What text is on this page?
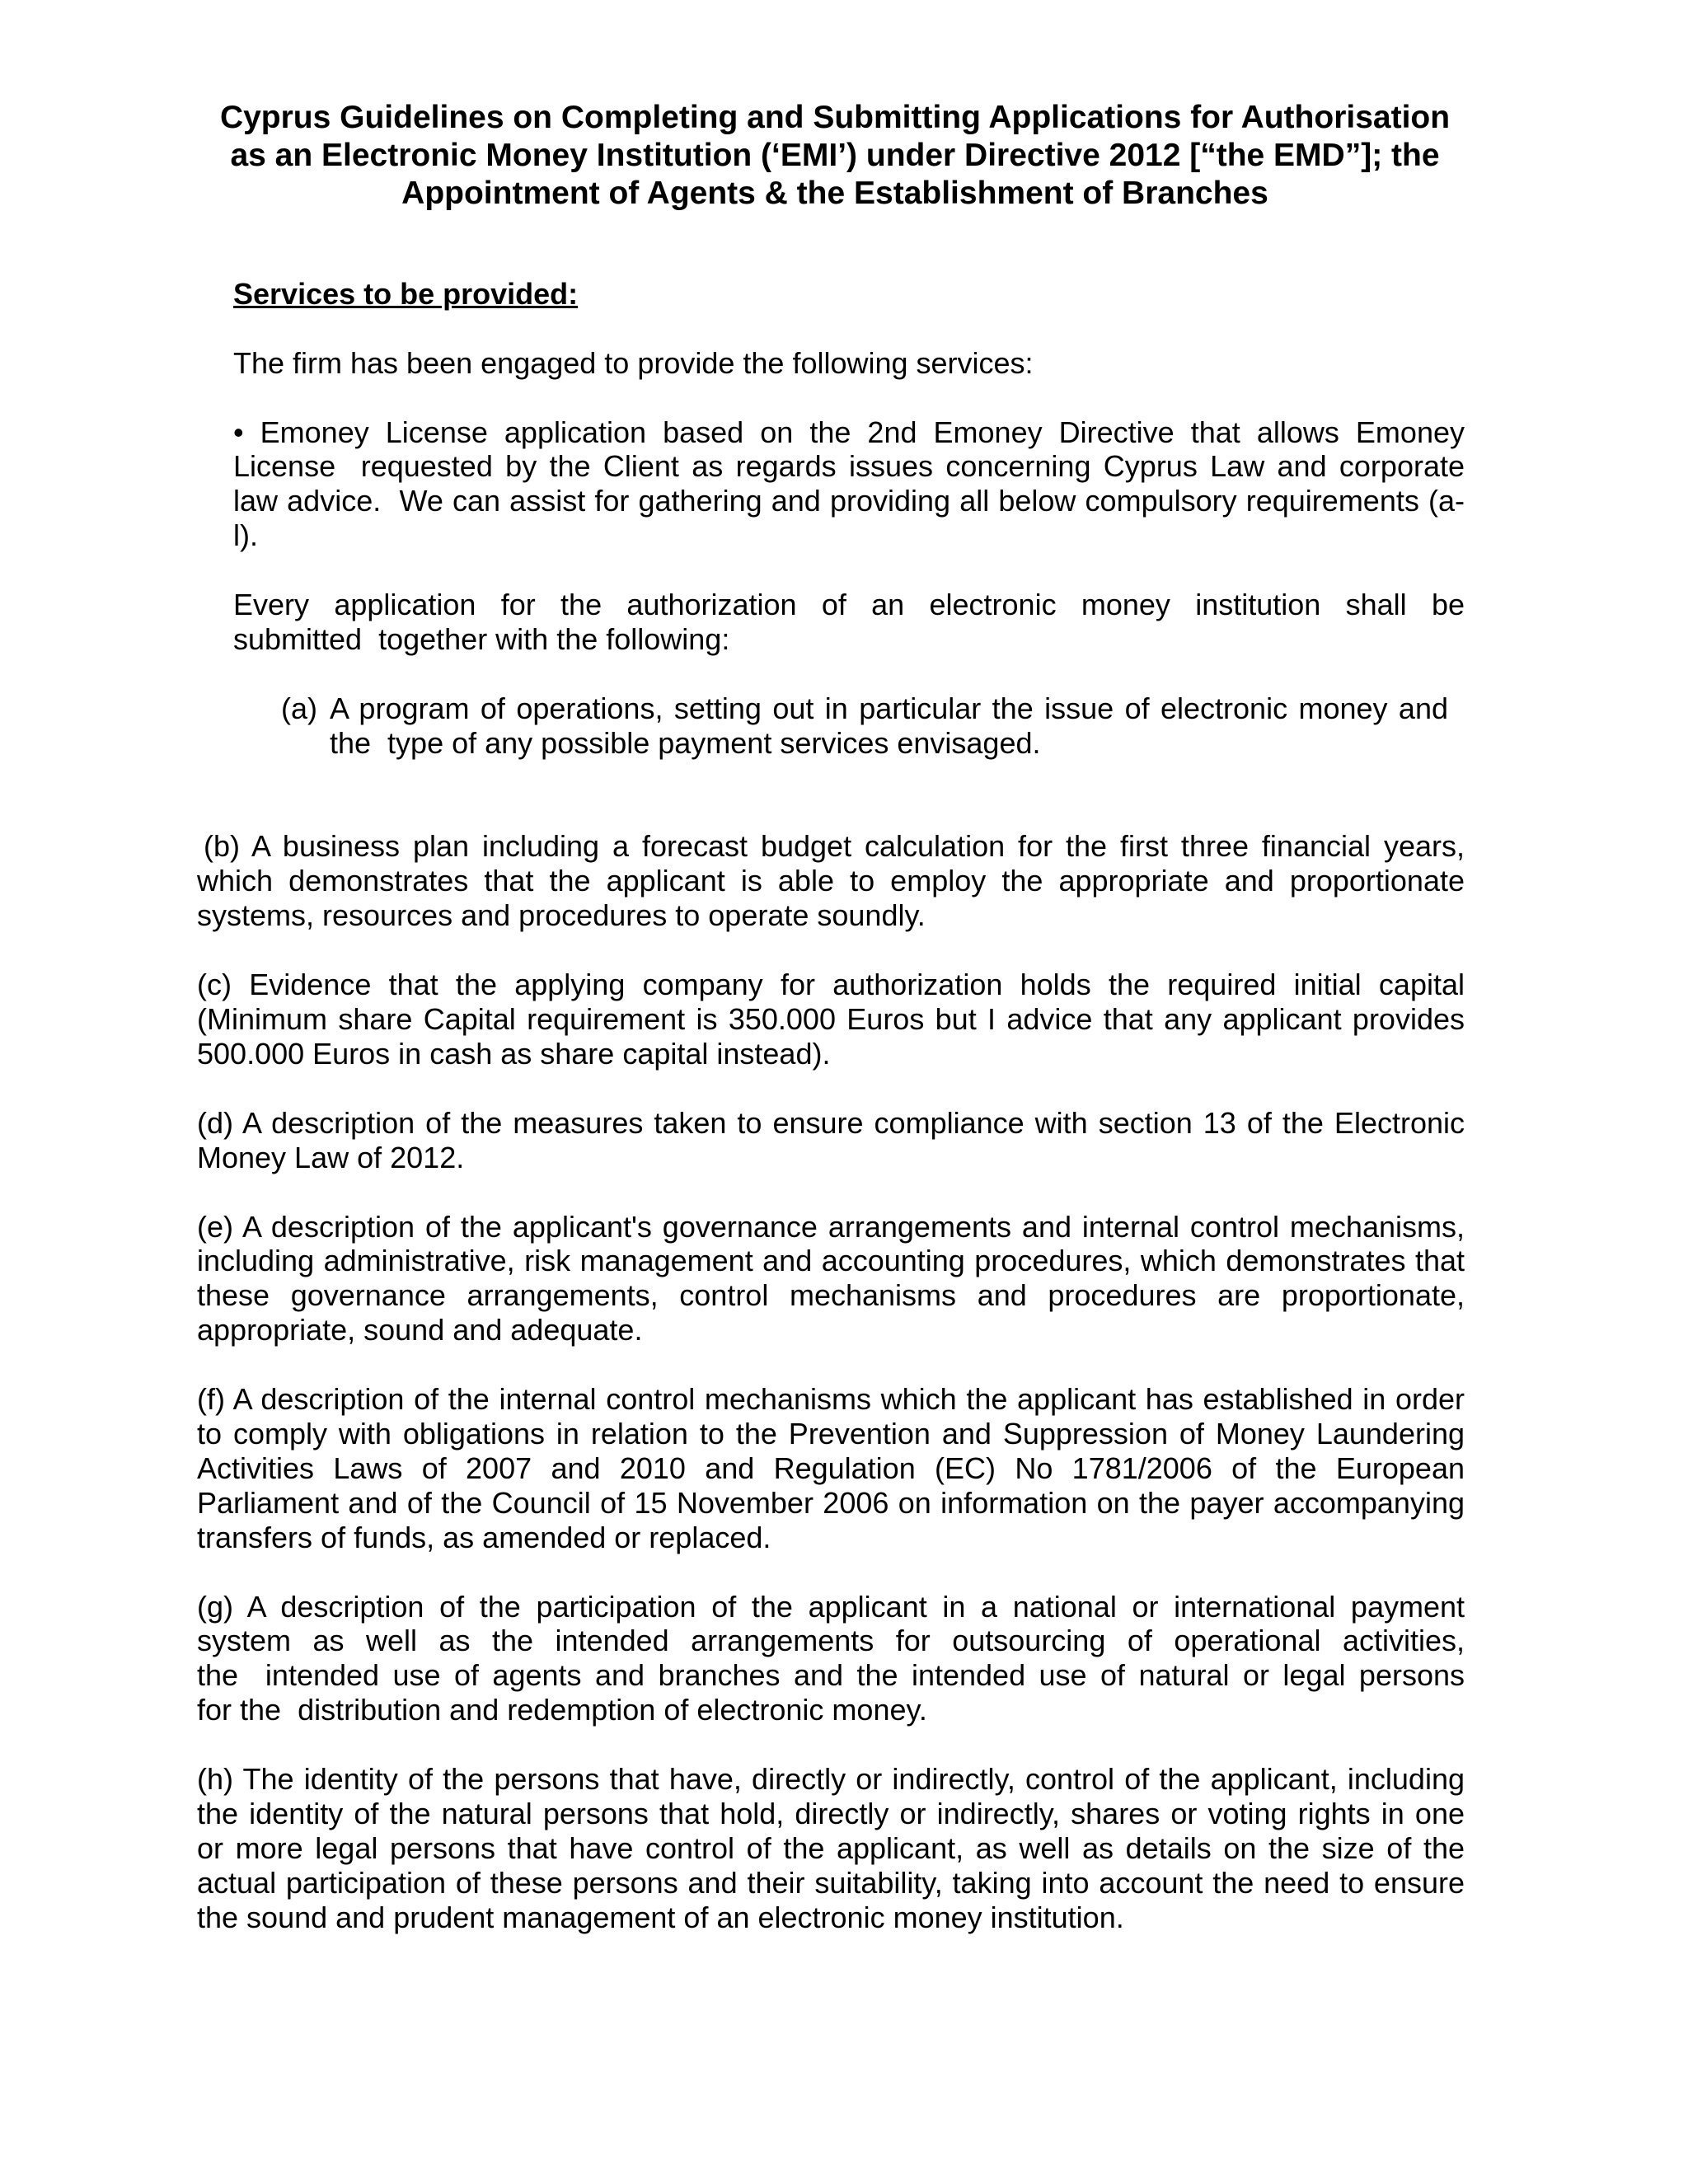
Cyprus Guidelines on Completing and Submitting Applications for Authorisation
as an Electronic Money Institution (‘EMI’) under Directive 2012 [“the EMD”]; the
Appointment of Agents & the Establishment of Branches
Services to be provided:
The firm has been engaged to provide the following services:
• Emoney License application based on the 2nd Emoney Directive that allows Emoney
License  requested by the Client as regards issues concerning Cyprus Law and corporate
law advice.  We can assist for gathering and providing all below compulsory requirements (a-
l).
Every application for the authorization of an electronic money institution shall be
submitted  together with the following:
(a) A program of operations, setting out in particular the issue of electronic money and
the  type of any possible payment services envisaged.
(b) A business plan including a forecast budget calculation for the first three financial years,
which demonstrates that the applicant is able to employ the appropriate and proportionate
systems, resources and procedures to operate soundly.
(c) Evidence that the applying company for authorization holds the required initial capital
(Minimum share Capital requirement is 350.000 Euros but I advice that any applicant provides
500.000 Euros in cash as share capital instead).
(d) A description of the measures taken to ensure compliance with section 13 of the Electronic
Money Law of 2012.
(e) A description of the applicant's governance arrangements and internal control mechanisms,
including administrative, risk management and accounting procedures, which demonstrates that
these governance arrangements, control mechanisms and procedures are proportionate,
appropriate, sound and adequate.
(f) A description of the internal control mechanisms which the applicant has established in order
to comply with obligations in relation to the Prevention and Suppression of Money Laundering
Activities Laws of 2007 and 2010 and Regulation (EC) No 1781/2006 of the European
Parliament and of the Council of 15 November 2006 on information on the payer accompanying
transfers of funds, as amended or replaced.
(g) A description of the participation of the applicant in a national or international payment
system as well as the intended arrangements for outsourcing of operational activities,
the  intended use of agents and branches and the intended use of natural or legal persons
for the  distribution and redemption of electronic money.
(h) The identity of the persons that have, directly or indirectly, control of the applicant, including
the identity of the natural persons that hold, directly or indirectly, shares or voting rights in one
or more legal persons that have control of the applicant, as well as details on the size of the
actual participation of these persons and their suitability, taking into account the need to ensure
the sound and prudent management of an electronic money institution.
